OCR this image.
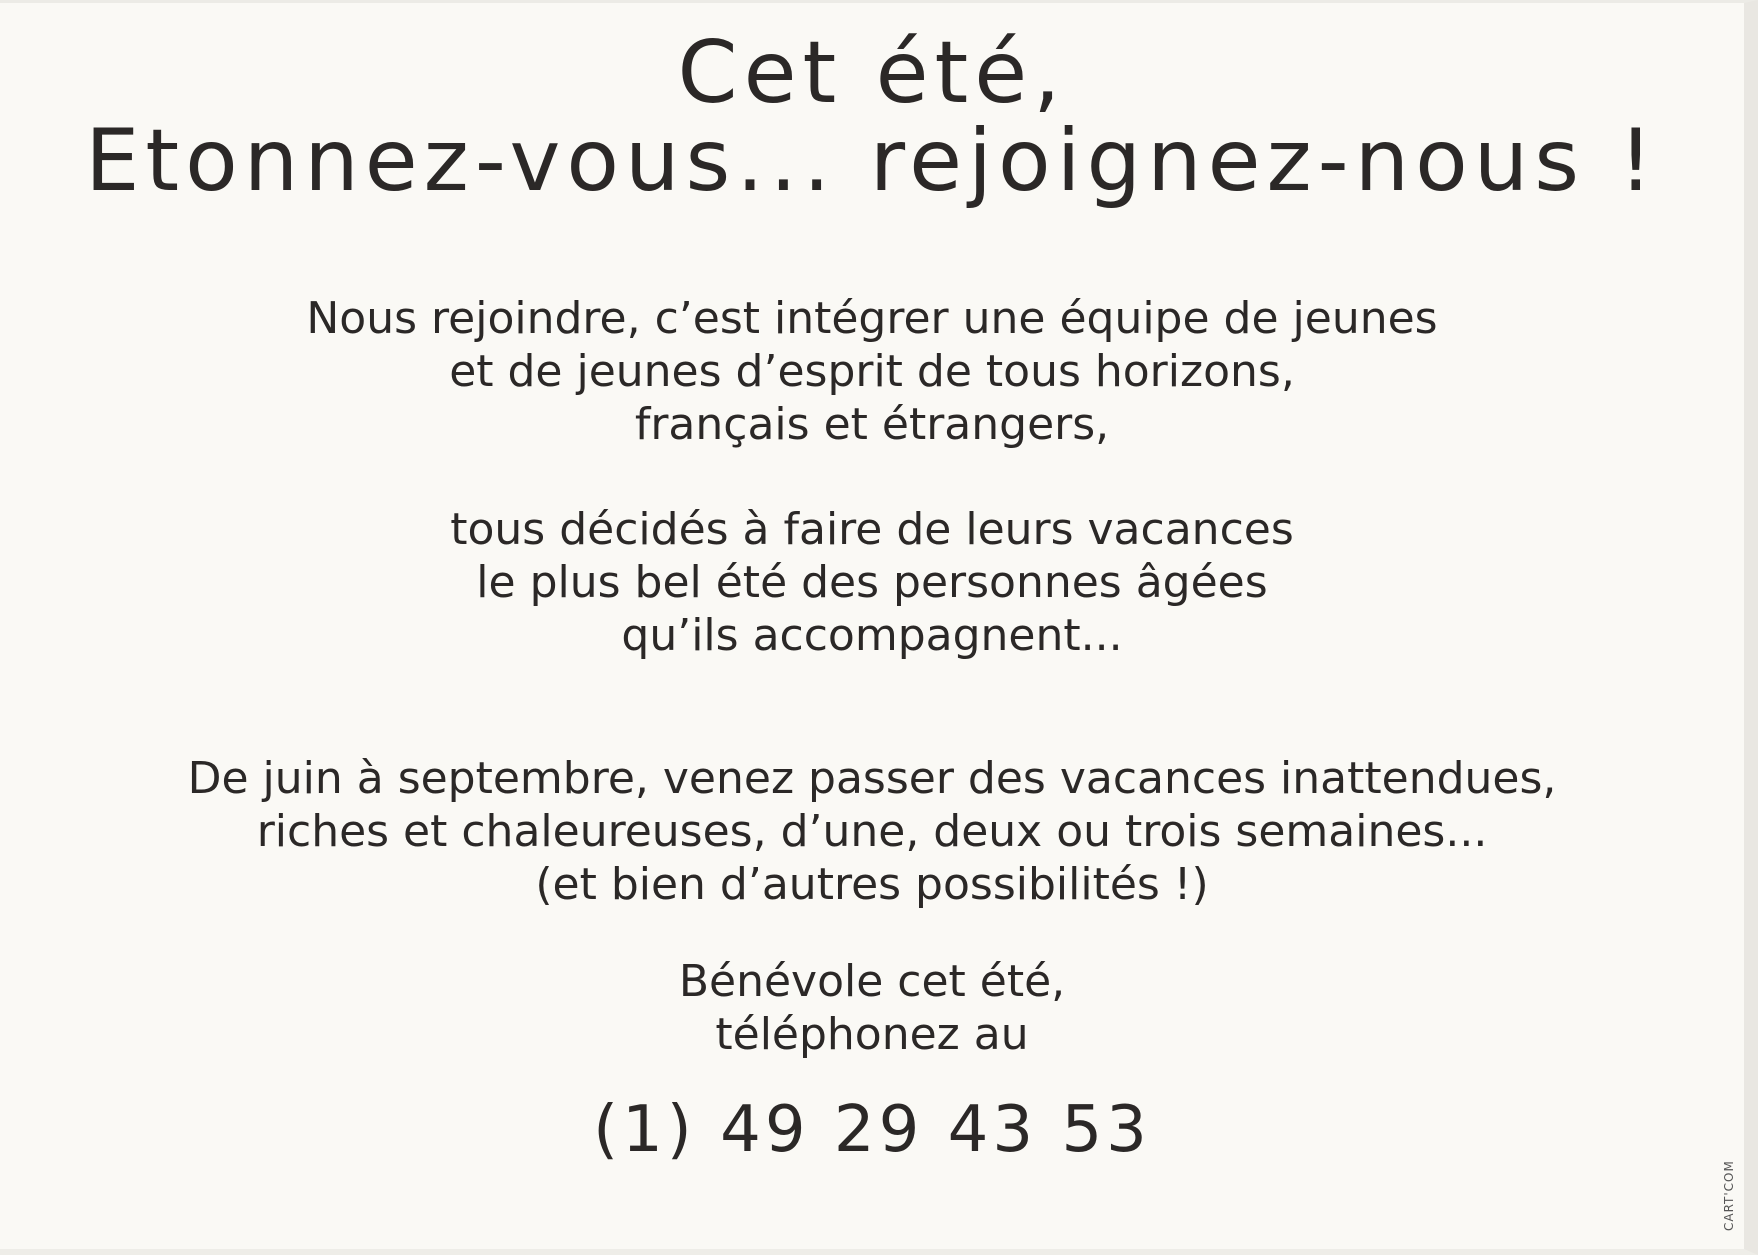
Cet été,
Etonnez-vous... rejoignez-nous !

Nous rejoindre, c’est intégrer une équipe de jeunes

et de jeunes d’esprit de tous horizons,

français et étrangers,

tous décidés à faire de leurs vacances

le plus bel été des personnes âgées

qu’ils accompagnent...

De juin à septembre, venez passer des vacances inattendues,

riches et chaleureuses, d’une, deux ou trois semaines...

(et bien d’autres possibilités !)

Bénévole cet été,

téléphonez au

(1) 49 29 43 53

CART'COM
